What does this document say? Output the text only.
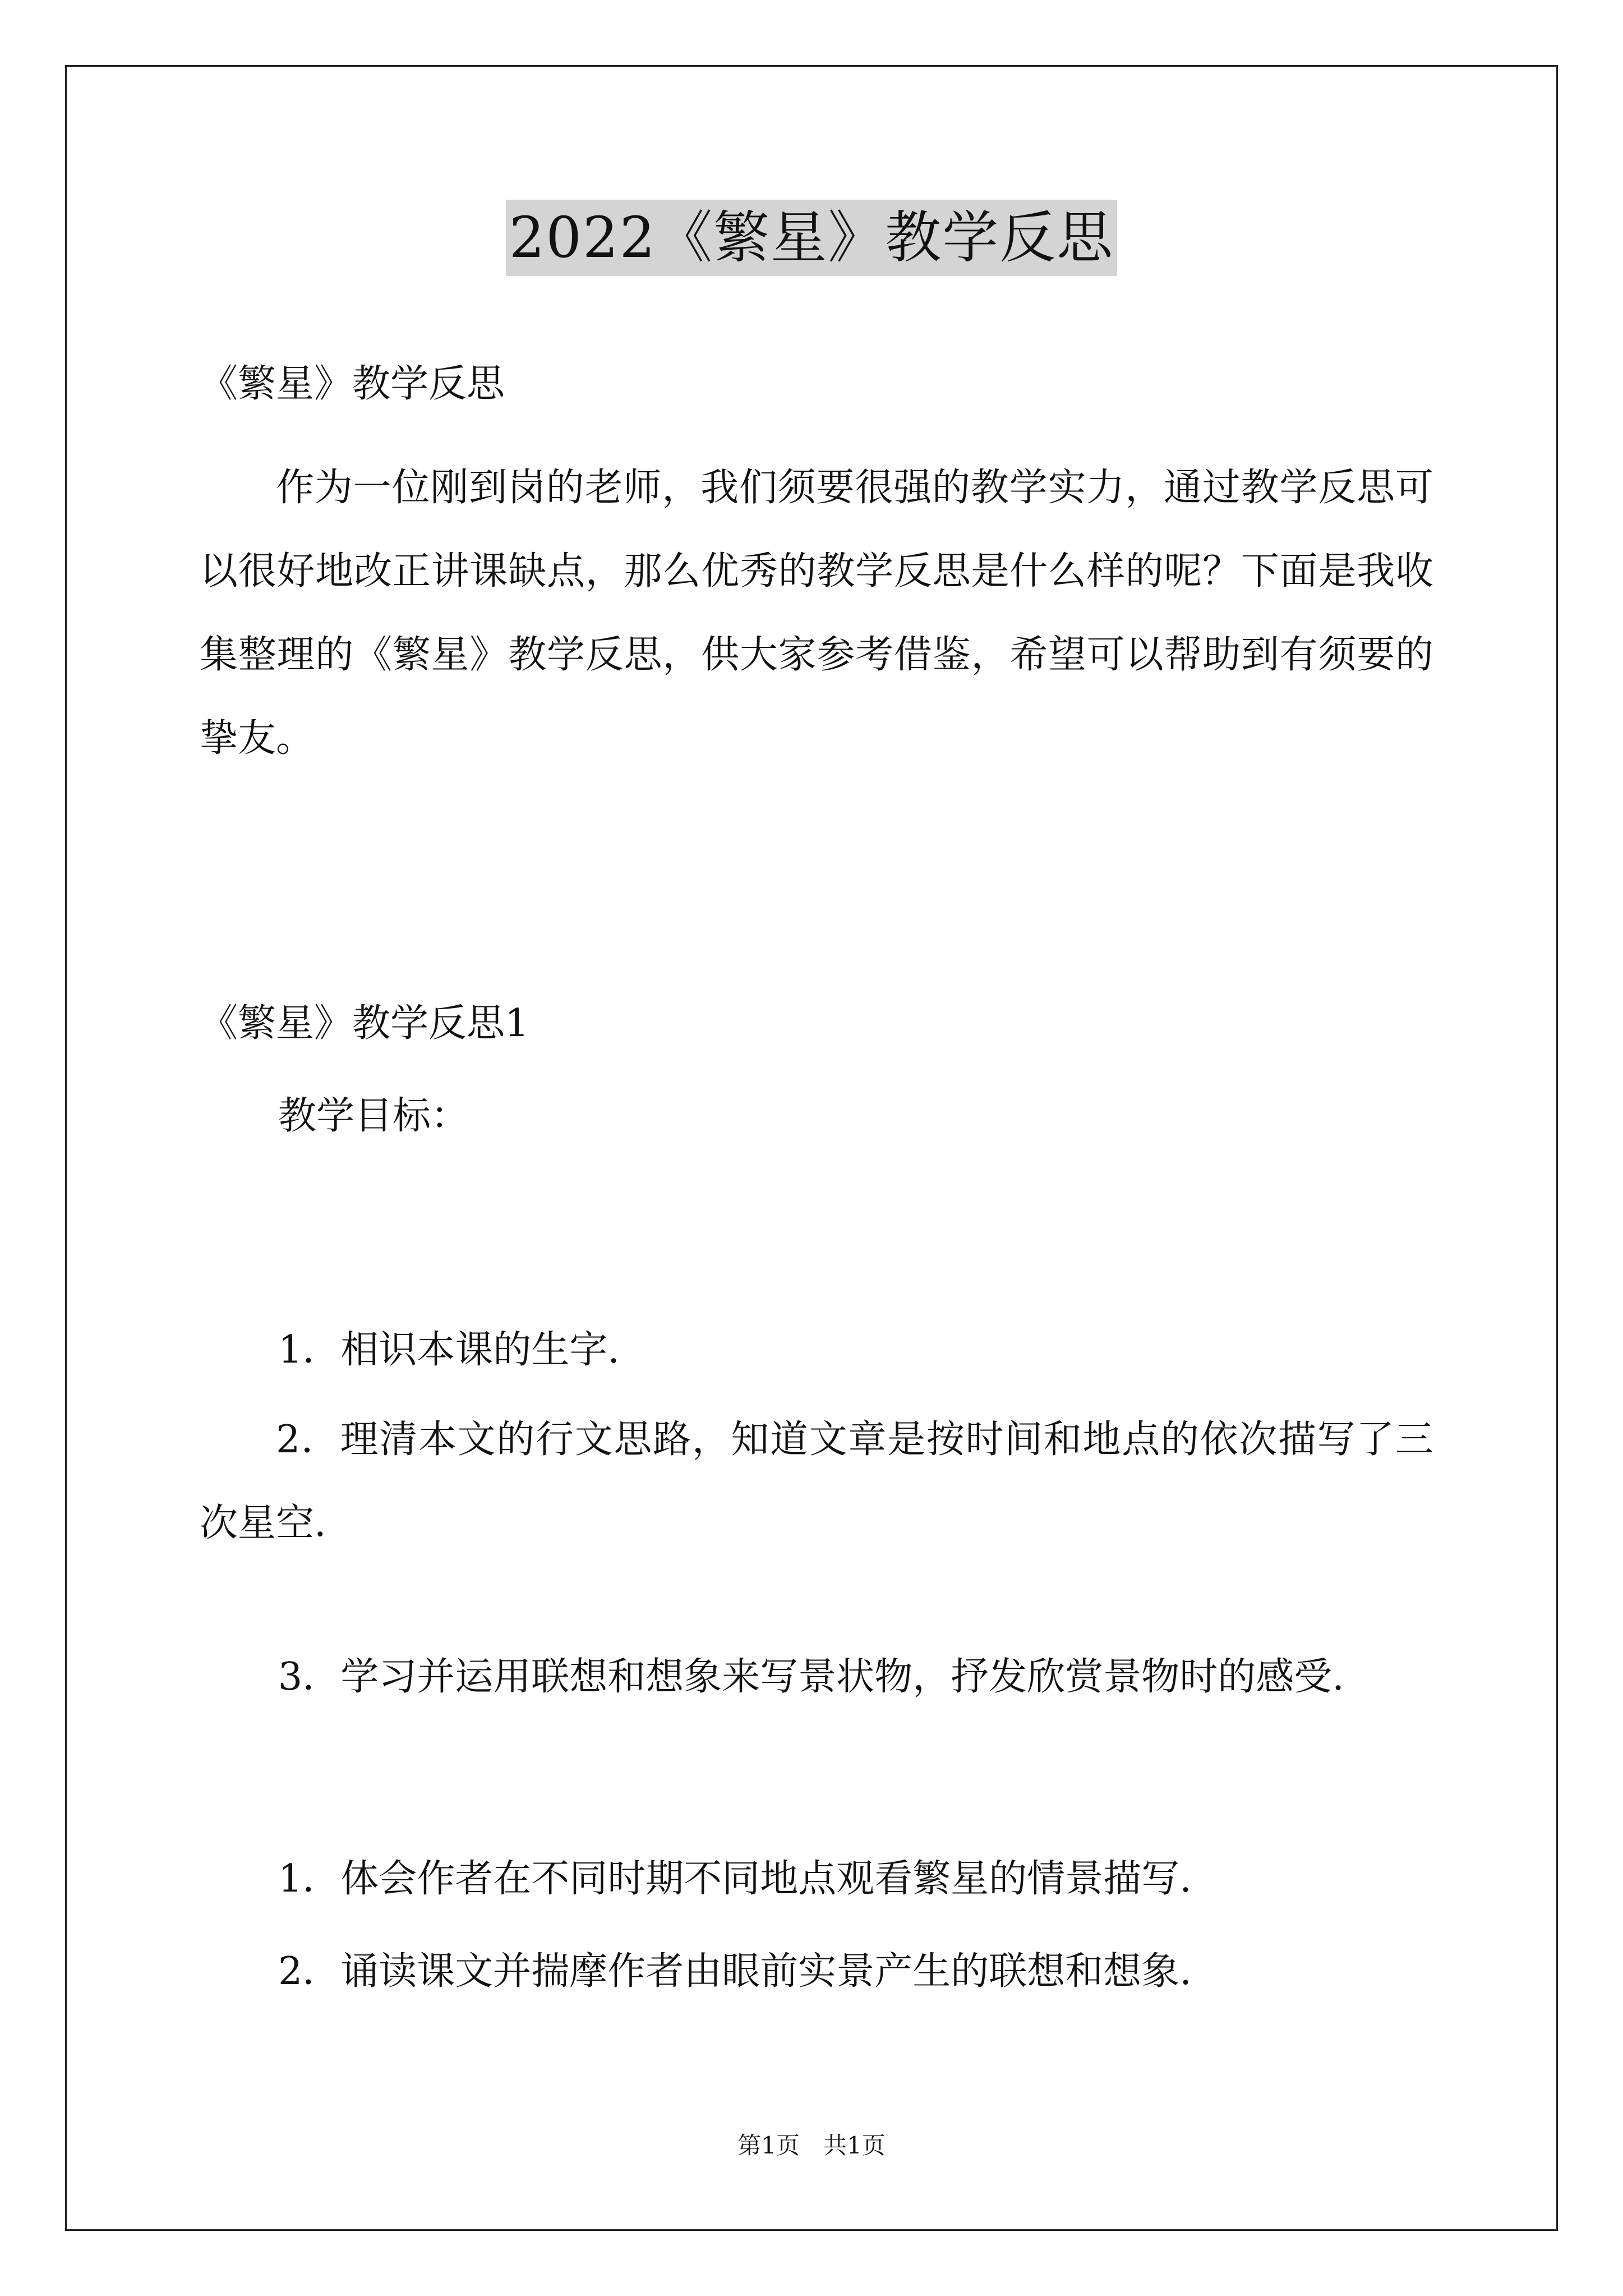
2022《繁星》教学反思
《繁星》教学反思
作为一位刚到岗的老师，我们须要很强的教学实力，通过教学反思可以很好地改正讲课缺点，那么优秀的教学反思是什么样的呢？下面是我收集整理的《繁星》教学反思，供大家参考借鉴，希望可以帮助到有须要的挚友。
《繁星》教学反思1
教学目标：
1．相识本课的生字.
2．理清本文的行文思路，知道文章是按时间和地点的依次描写了三次星空.
3．学习并运用联想和想象来写景状物，抒发欣赏景物时的感受.
1．体会作者在不同时期不同地点观看繁星的情景描写.
2．诵读课文并揣摩作者由眼前实景产生的联想和想象.
第1页　共1页
